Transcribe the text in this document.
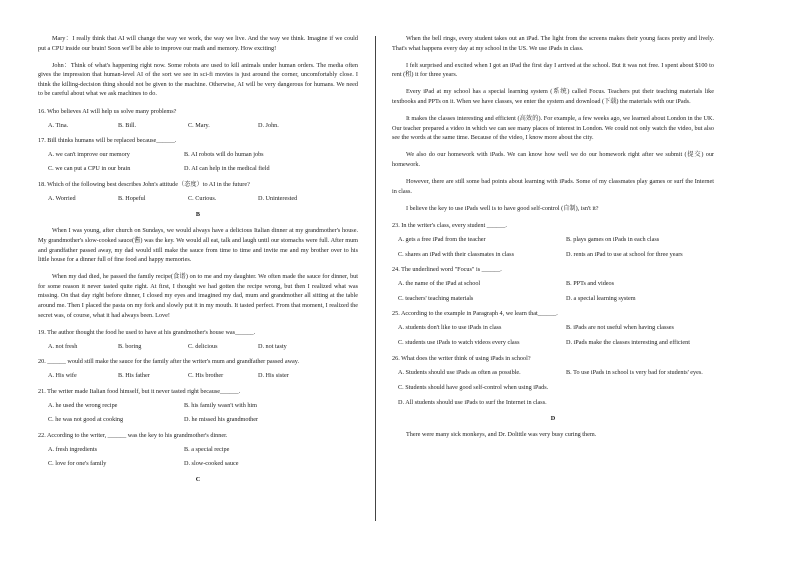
Mary：I really think that AI will change the way we work, the way we live. And the way we think. Imagine if we could put a CPU inside our brain! Soon we'll be able to improve our math and memory. How exciting!

John：Think of what's happening right now. Some robots are used to kill animals under human orders. The media often gives the impression that human-level AI of the sort we see in sci-fi movies is just around the corner, uncomfortably close. I think the killing-decision thing should not be given to the machine. Otherwise, AI will be very dangerous for humans. We need to be careful about what we ask machines to do.

16. Who believes AI will help us solve many problems?
A. Tina.	B. Bill.	C. Mary.	D. John.
17. Bill thinks humans will be replaced because______.
A. we can't improve our memory	B. AI robots will do human jobs
C. we can put a CPU in our brain	D. AI can help in the medical field
18. Which of the following best describes John's attitude（态度）to AI in the future?
A. Worried	B. Hopeful	C. Curious.	D. Uninterested
B

When I was young, after church on Sundays, we would always have a delicious Italian dinner at my grandmother's house. My grandmother's slow-cooked sauce(酱) was the key. We would all eat, talk and laugh until our stomachs were full. After mum and grandfather passed away, my dad would still make the sauce from time to time and invite me and my brother over to his little house for a dinner full of fine food and happy memories.

When my dad died, he passed the family recipe(食谱) on to me and my daughter. We often made the sauce for dinner, but for some reason it never tasted quite right. At first, I thought we had gotten the recipe wrong, but then I realized what was missing. On that day right before dinner, I closed my eyes and imagined my dad, mum and grandmother all sitting at the table around me. Then I placed the pasta on my fork and slowly put it in my mouth. It tasted perfect. From that moment, I realized the secret was, of course, what it had always been. Love!

19. The author thought the food he used to have at his grandmother's house was______.
A. not fresh	B. boring	C. delicious	D. not tasty
20. ______ would still make the sauce for the family after the writer's mum and grandfather passed away.
A. His wife	B. His father	C. His brother	D. His sister
21. The writer made Italian food himself, but it never tasted right because______.
A. he used the wrong recipe	B. his family wasn't with him
C. he was not good at cooking	D. he missed his grandmother
22. According to the writer, ______ was the key to his grandmother's dinner.
A. fresh ingredients	B. a special recipe
C. love for one's family	D. slow-cooked sauce
C

When the bell rings, every student takes out an iPad. The light from the screens makes their young faces pretty and lively. That's what happens every day at my school in the US. We use iPads in class.

I felt surprised and excited when I got an iPad the first day I arrived at the school. But it was not free. I spent about $100 to rent (租) it for three years.

Every iPad at my school has a special learning system (系统) called Focus. Teachers put their teaching materials like textbooks and PPTs on it. When we have classes, we enter the system and download (下载) the materials with our iPads.

It makes the classes interesting and efficient (高效的). For example, a few weeks ago, we learned about London in the UK. Our teacher prepared a video in which we can see many places of interest in London. We could not only watch the video, but also see the words at the same time. Because of the video, I know more about the city.

We also do our homework with iPads. We can know how well we do our homework right after we submit (提交) our homework.

However, there are still some bad points about learning with iPads. Some of my classmates play games or surf the Internet in class.

I believe the key to use iPads well is to have good self-control (自制), isn't it?

23. In the writer's class, every student ______.
A. gets a free iPad from the teacher	B. plays games on iPads in each class
C. shares an iPad with their classmates in class	D. rents an iPad to use at school for three years
24. The underlined word "Focus" is ______.
A. the name of the iPad at school	B. PPTs and videos
C. teachers' teaching materials	D. a special learning system
25. According to the example in Paragraph 4, we learn that______.
A. students don't like to use iPads in class	B. iPads are not useful when having classes
C. students use iPads to watch videos every class	D. iPads make the classes interesting and efficient
26. What does the writer think of using iPads in school?
A. Students should use iPads as often as possible.	B. To use iPads in school is very bad for students' eyes.
C. Students should have good self-control when using iPads.
D. All students should use iPads to surf the Internet in class.
D

There were many sick monkeys, and Dr. Dolittle was very busy curing them.
